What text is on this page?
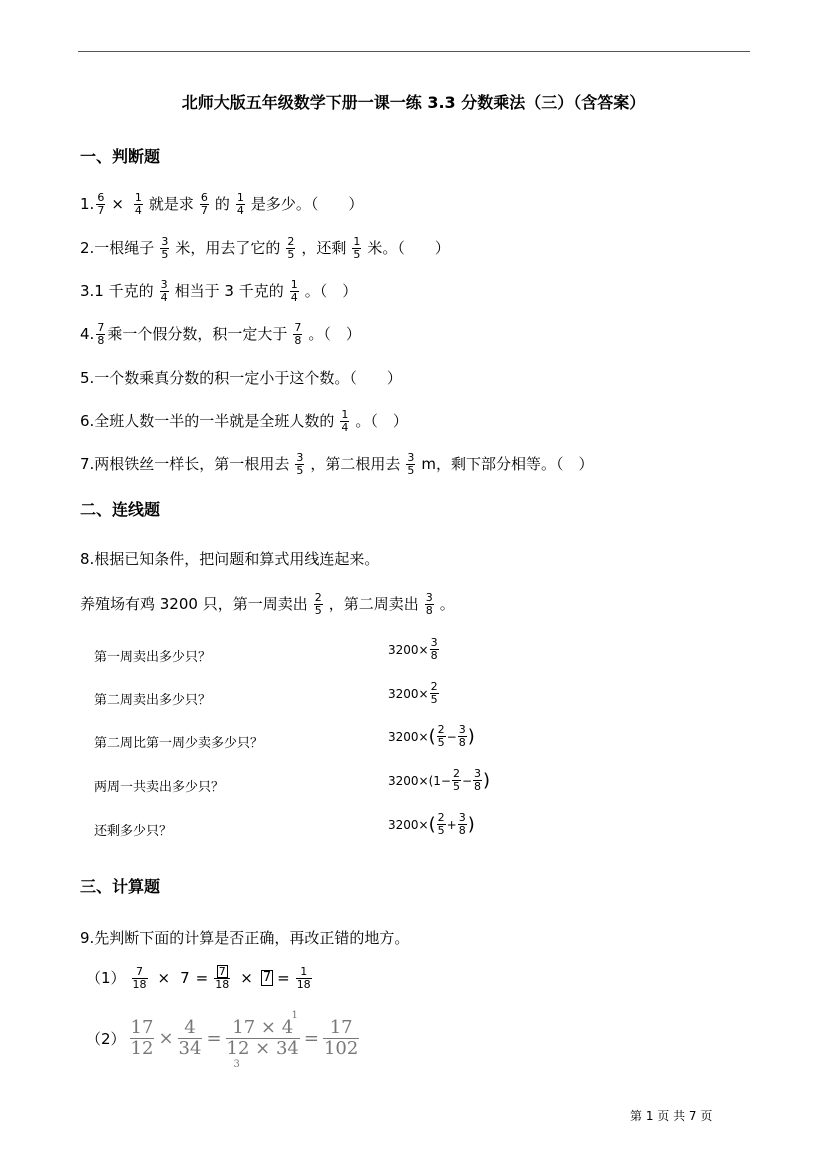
北师大版五年级数学下册一课一练 3.3 分数乘法（三）（含答案）
一、判断题
1. $\frac{6}{7} \times \frac{1}{4}$ 就是求 $\frac{6}{7}$ 的 $\frac{1}{4}$ 是多少。（　　）
2.一根绳子 $\frac{3}{5}$ 米，用去了它的 $\frac{2}{5}$ ，还剩 $\frac{1}{5}$ 米。（　　）
3.1 千克的 $\frac{3}{4}$ 相当于 3 千克的 $\frac{1}{4}$ 。（　）
4. $\frac{7}{8}$ 乘一个假分数，积一定大于 $\frac{7}{8}$ 。（　）
5.一个数乘真分数的积一定小于这个数。（　　）
6.全班人数一半的一半就是全班人数的 $\frac{1}{4}$ 。（　）
7.两根铁丝一样长，第一根用去 $\frac{3}{5}$ ，第二根用去 $\frac{3}{5}$ m，剩下部分相等。（　）
二、连线题
8.根据已知条件，把问题和算式用线连起来。
养殖场有鸡 3200 只，第一周卖出 $\frac{2}{5}$ ，第二周卖出 $\frac{3}{8}$ 。
第一周卖出多少只？
第二周卖出多少只？
第二周比第一周少卖多少只？
两周一共卖出多少只？
还剩多少只？
$3200\times \frac{3}{8}$
$3200\times \frac{2}{5}$
3200× ( $\frac{2}{5} - \frac{3}{8}$ )
$3200\times (1- \frac{2}{5} - \frac{3}{8}$ )
3200× ( $\frac{2}{5} + \frac{3}{8}$ )
三、计算题
9.先判断下面的计算是否正确，再改正错的地方。
$(1) \frac{7}{18} \times 7 = \frac{7}{18} \times 7 = \frac{1}{18}$
$(2) \frac{17}{12} \times \frac{4}{34}$ =
17 × 4
12 × 34
1
3
= $\frac{17}{102}$
第 1 页 共 7 页
